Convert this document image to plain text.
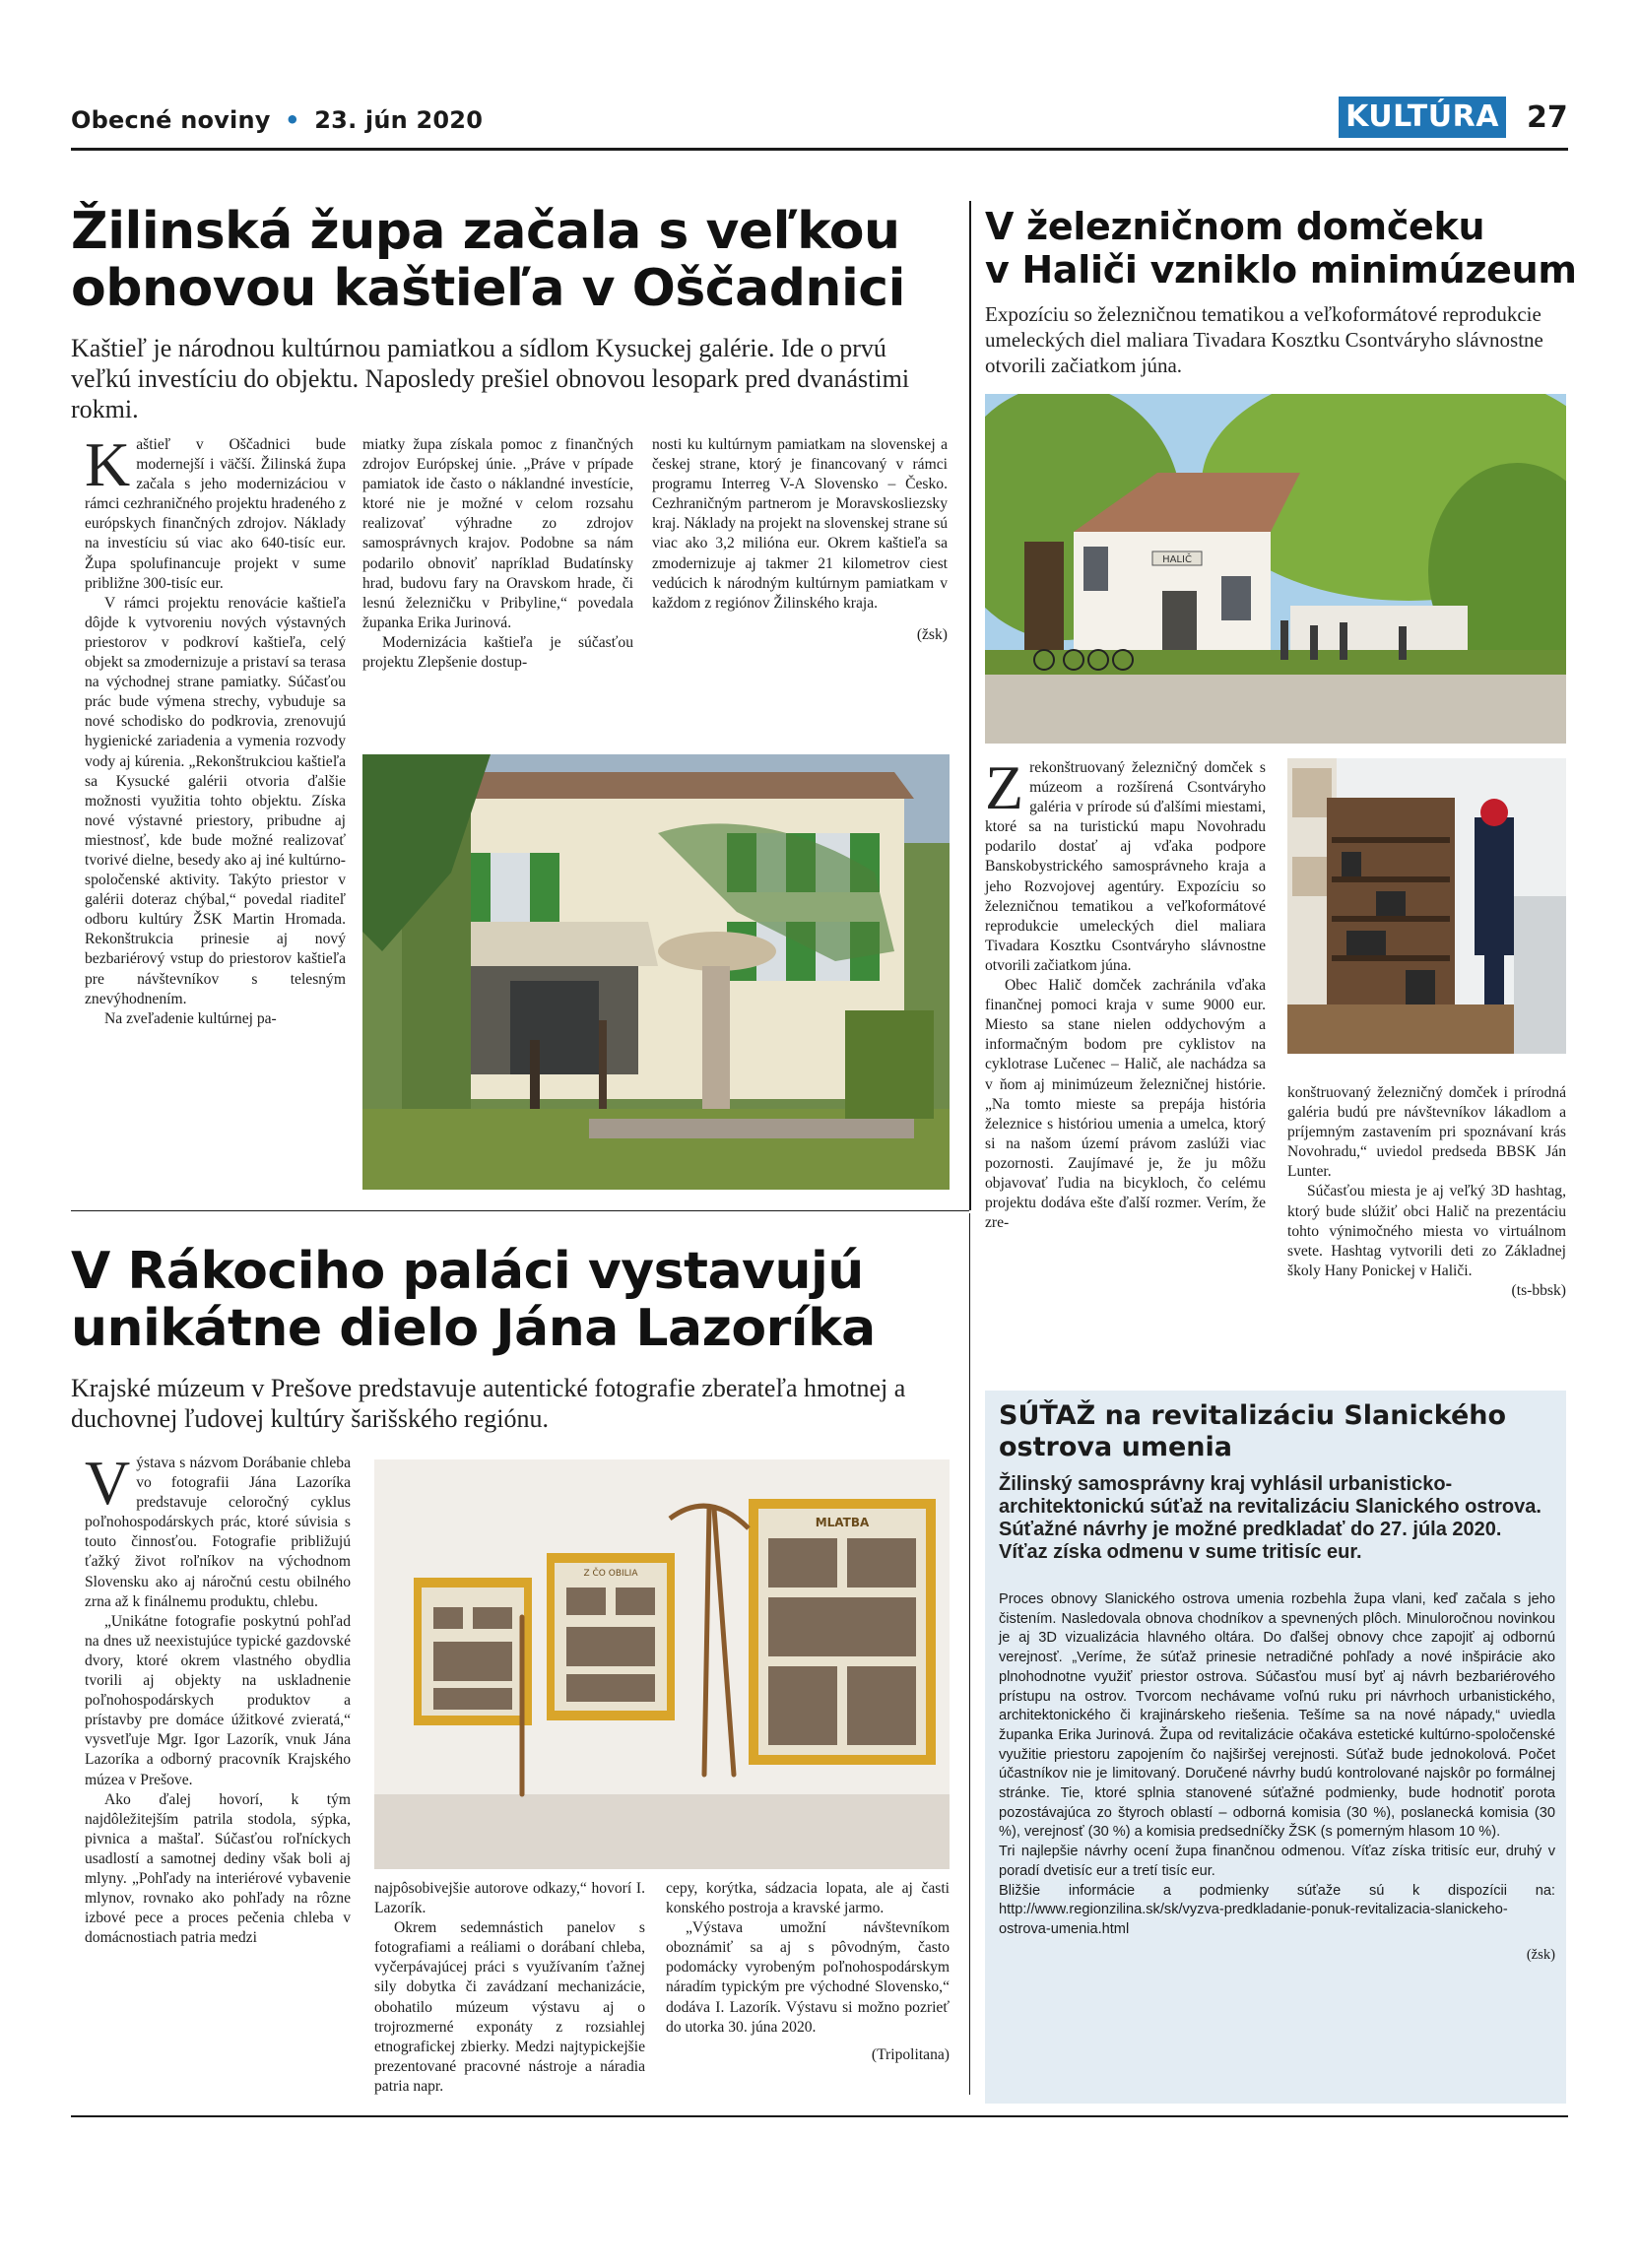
Obecné noviny • 23. jún 2020	KULTÚRA 27
Žilinská župa začala s veľkou
obnovou kaštieľa v Oščadnici
Kaštieľ je národnou kultúrnou pamiatkou a sídlom Kysuckej galérie. Ide o prvú veľkú investíciu do objektu. Naposledy prešiel obnovou lesopark pred dvanástimi rokmi.

Kaštieľ v Oščadnici bude modernejší i väčší. Žilinská župa začala s jeho modernizáciou v rámci cezhraničného projektu hradeného z európskych finančných zdrojov. Náklady na investíciu sú viac ako 640-tisíc eur. Župa spolufinancuje projekt v sume približne 300-tisíc eur.

V rámci projektu renovácie kaštieľa dôjde k vytvoreniu nových výstavných priestorov v podkroví kaštieľa, celý objekt sa zmodernizuje a pristaví sa terasa na východnej strane pamiatky. Súčasťou prác bude výmena strechy, vybuduje sa nové schodisko do podkrovia, zrenovujú hygienické zariadenia a vymenia rozvody vody aj kúrenia. „Rekonštrukciou kaštieľa sa Kysucké galérii otvoria ďalšie možnosti využitia tohto objektu. Získa nové výstavné priestory, pribudne aj miestnosť, kde bude možné realizovať tvorivé dielne, besedy ako aj iné kultúrno-spoločenské aktivity. Takýto priestor v galérii doteraz chýbal,“ povedal riaditeľ odboru kultúry ŽSK Martin Hromada. Rekonštrukcia prinesie aj nový bezbariérový vstup do priestorov kaštieľa pre návštevníkov s telesným znevýhodnením.

Na zveľadenie kultúrnej pa-

miatky župa získala pomoc z finančných zdrojov Európskej únie. „Práve v prípade pamiatok ide často o náklandné investície, ktoré nie je možné v celom rozsahu realizovať výhradne zo zdrojov samosprávnych krajov. Podobne sa nám podarilo obnoviť napríklad Budatínsky hrad, budovu fary na Oravskom hrade, či lesnú železničku v Pribyline,“ povedala županka Erika Jurinová.

Modernizácia kaštieľa je súčasťou projektu Zlepšenie dostup-

nosti ku kultúrnym pamiatkam na slovenskej a českej strane, ktorý je financovaný v rámci programu Interreg V-A Slovensko – Česko. Cezhraničným partnerom je Moravskosliezsky kraj. Náklady na projekt na slovenskej strane sú viac ako 3,2 milióna eur. Okrem kaštieľa sa zmodernizuje aj takmer 21 kilometrov ciest vedúcich k národným kultúrnym pamiatkam v každom z regiónov Žilinského kraja.

(žsk)

V železničnom domčeku
v Haliči vzniklo minimúzeum
Expozíciu so železničnou tematikou a veľkoformátové reprodukcie umeleckých diel maliara Tivadara Kosztku Csontváryho slávnostne otvorili začiatkom júna.
HALIČ

Zrekonštruovaný železničný domček s múzeom a rozšírená Csontváryho galéria v prírode sú ďalšími miestami, ktoré sa na turistickú mapu Novohradu podarilo dostať aj vďaka podpore Banskobystrického samosprávneho kraja a jeho Rozvojovej agentúry. Expozíciu so železničnou tematikou a veľkoformátové reprodukcie umeleckých diel maliara Tivadara Kosztku Csontváryho slávnostne otvorili začiatkom júna.

Obec Halič domček zachránila vďaka finančnej pomoci kraja v sume 9000 eur. Miesto sa stane nielen oddychovým a informačným bodom pre cyklistov na cyklotrase Lučenec – Halič, ale nachádza sa v ňom aj minimúzeum železničnej histórie. „Na tomto mieste sa prepája história železnice s históriou umenia a umelca, ktorý si na našom území právom zaslúži viac pozornosti. Zaujímavé je, že ju môžu objavovať ľudia na bicykloch, čo celému projektu dodáva ešte ďalší rozmer. Verím, že zre-

konštruovaný železničný domček i prírodná galéria budú pre návštevníkov lákadlom a príjemným zastavením pri spoznávaní krás Novohradu,“ uviedol predseda BBSK Ján Lunter.

Súčasťou miesta je aj veľký 3D hashtag, ktorý bude slúžiť obci Halič na prezentáciu tohto výnimočného miesta vo virtuálnom svete. Hashtag vytvorili deti zo Základnej školy Hany Ponickej v Haliči.

(ts-bbsk)

V Rákociho paláci vystavujú
unikátne dielo Jána Lazoríka
Krajské múzeum v Prešove predstavuje autentické fotografie zberateľa hmotnej a duchovnej ľudovej kultúry šarišského regiónu.

Výstava s názvom Dorábanie chleba vo fotografii Jána Lazoríka predstavuje celoročný cyklus poľnohospodárskych prác, ktoré súvisia s touto činnosťou. Fotografie približujú ťažký život roľníkov na východnom Slovensku ako aj náročnú cestu obilného zrna až k finálnemu produktu, chlebu.

„Unikátne fotografie poskytnú pohľad na dnes už neexistujúce typické gazdovské dvory, ktoré okrem vlastného obydlia tvorili aj objekty na uskladnenie poľnohospodárskych produktov a prístavby pre domáce úžitkové zvieratá,“ vysvetľuje Mgr. Igor Lazorík, vnuk Jána Lazoríka a odborný pracovník Krajského múzea v Prešove.

Ako ďalej hovorí, k tým najdôležitejším patrila stodola, sýpka, pivnica a maštaľ. Súčasťou roľníckych usadlostí a samotnej dediny však boli aj mlyny. „Pohľady na interiérové vybavenie mlynov, rovnako ako pohľady na rôzne izbové pece a proces pečenia chleba v domácnostiach patria medzi

Z ČO OBILIA
MLATBA

najpôsobivejšie autorove odkazy,“ hovorí I. Lazorík.

Okrem sedemnástich panelov s fotografiami a reáliami o dorábaní chleba, vyčerpávajúcej práci s využívaním ťažnej sily dobytka či zavádzaní mechanizácie, obohatilo múzeum výstavu aj o trojrozmerné exponáty z rozsiahlej etnografickej zbierky. Medzi najtypickejšie prezentované pracovné nástroje a náradia patria napr.

cepy, korýtka, sádzacia lopata, ale aj časti konského postroja a kravské jarmo.

„Výstava umožní návštevníkom oboznámiť sa aj s pôvodným, často podomácky vyrobeným poľnohospodárskym náradím typickým pre východné Slovensko,“ dodáva I. Lazorík. Výstavu si možno pozrieť do utorka 30. júna 2020.

(Tripolitana)

SÚŤAŽ na revitalizáciu Slanického
ostrova umenia
Žilinský samosprávny kraj vyhlásil urbanisticko-architektonickú súťaž na revitalizáciu Slanického ostrova. Súťažné návrhy je možné predkladať do 27. júla 2020. Víťaz získa odmenu v sume tritisíc eur.
Proces obnovy Slanického ostrova umenia rozbehla župa vlani, keď začala s jeho čistením. Nasledovala obnova chodníkov a spevnených plôch. Minuloročnou novinkou je aj 3D vizualizácia hlavného oltára. Do ďalšej obnovy chce zapojiť aj odbornú verejnosť. „Veríme, že súťaž prinesie netradičné pohľady a nové inšpirácie ako plnohodnotne využiť priestor ostrova. Súčasťou musí byť aj návrh bezbariérového prístupu na ostrov. Tvorcom nechávame voľnú ruku pri návrhoch urbanistického, architektonického či krajinárskeho riešenia. Tešíme sa na nové nápady,“ uviedla županka Erika Jurinová. Župa od revitalizácie očakáva estetické kultúrno-spoločenské využitie priestoru zapojením čo najširšej verejnosti. Súťaž bude jednokolová. Počet účastníkov nie je limitovaný. Doručené návrhy budú kontrolované najskôr po formálnej stránke. Tie, ktoré splnia stanovené súťažné podmienky, bude hodnotiť porota pozostávajúca zo štyroch oblastí – odborná komisia (30 %), poslanecká komisia (30 %), verejnosť (30 %) a komisia predsedníčky ŽSK (s pomerným hlasom 10 %).
Tri najlepšie návrhy ocení župa finančnou odmenou. Víťaz získa tritisíc eur, druhý v poradí dvetisíc eur a tretí tisíc eur.
Bližšie informácie a podmienky súťaže sú k dispozícii na: http://www.regionzilina.sk/sk/vyzva-predkladanie-ponuk-revitalizacia-slanickeho-ostrova-umenia.html
(žsk)
